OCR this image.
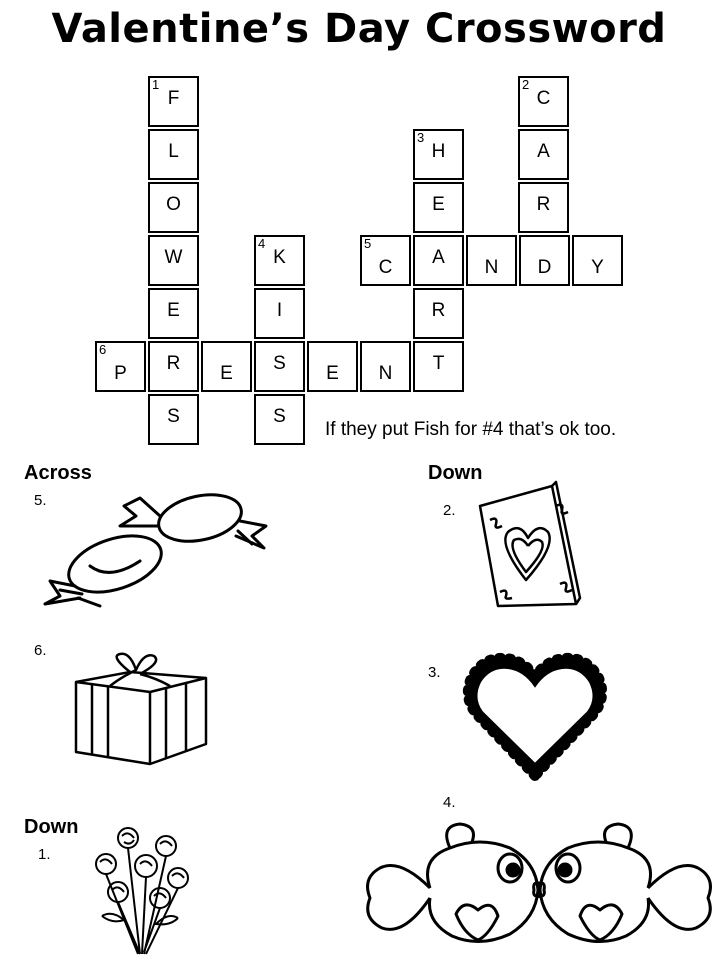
Valentine’s Day Crossword
1
F
L
O
W
E
R
S
2
C
A
R
3
H
E
A
R
T
4
K
I
S
S
5
C	N	D	Y
6
P	E	E	N

If they put Fish for #4 that’s ok too.

Across	Down

Down

5.

6.

1.

2.

3.

4.
